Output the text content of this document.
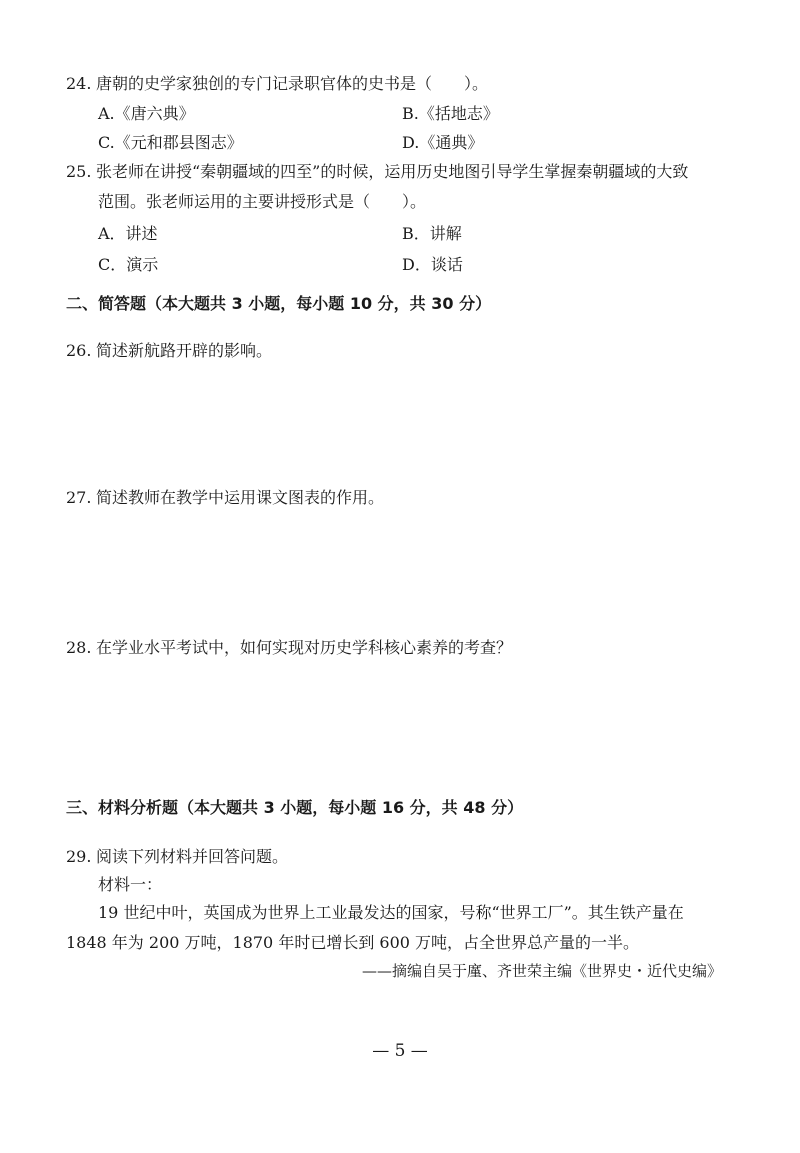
24. 唐朝的史学家独创的专门记录职官体的史书是（　　）。
A.《唐六典》	B.《括地志》
C.《元和郡县图志》	D.《通典》
25. 张老师在讲授“秦朝疆域的四至”的时候，运用历史地图引导学生掌握秦朝疆域的大致
范围。张老师运用的主要讲授形式是（　　）。
A．讲述	B．讲解
C．演示	D．谈话
二、简答题（本大题共 3 小题，每小题 10 分，共 30 分）
26. 简述新航路开辟的影响。
27. 简述教师在教学中运用课文图表的作用。
28. 在学业水平考试中，如何实现对历史学科核心素养的考查？
三、材料分析题（本大题共 3 小题，每小题 16 分，共 48 分）
29. 阅读下列材料并回答问题。
材料一：
19 世纪中叶，英国成为世界上工业最发达的国家，号称“世界工厂”。其生铁产量在
1848 年为 200 万吨，1870 年时已增长到 600 万吨，占全世界总产量的一半。
——摘编自吴于廑、齐世荣主编《世界史・近代史编》
— 5 —
